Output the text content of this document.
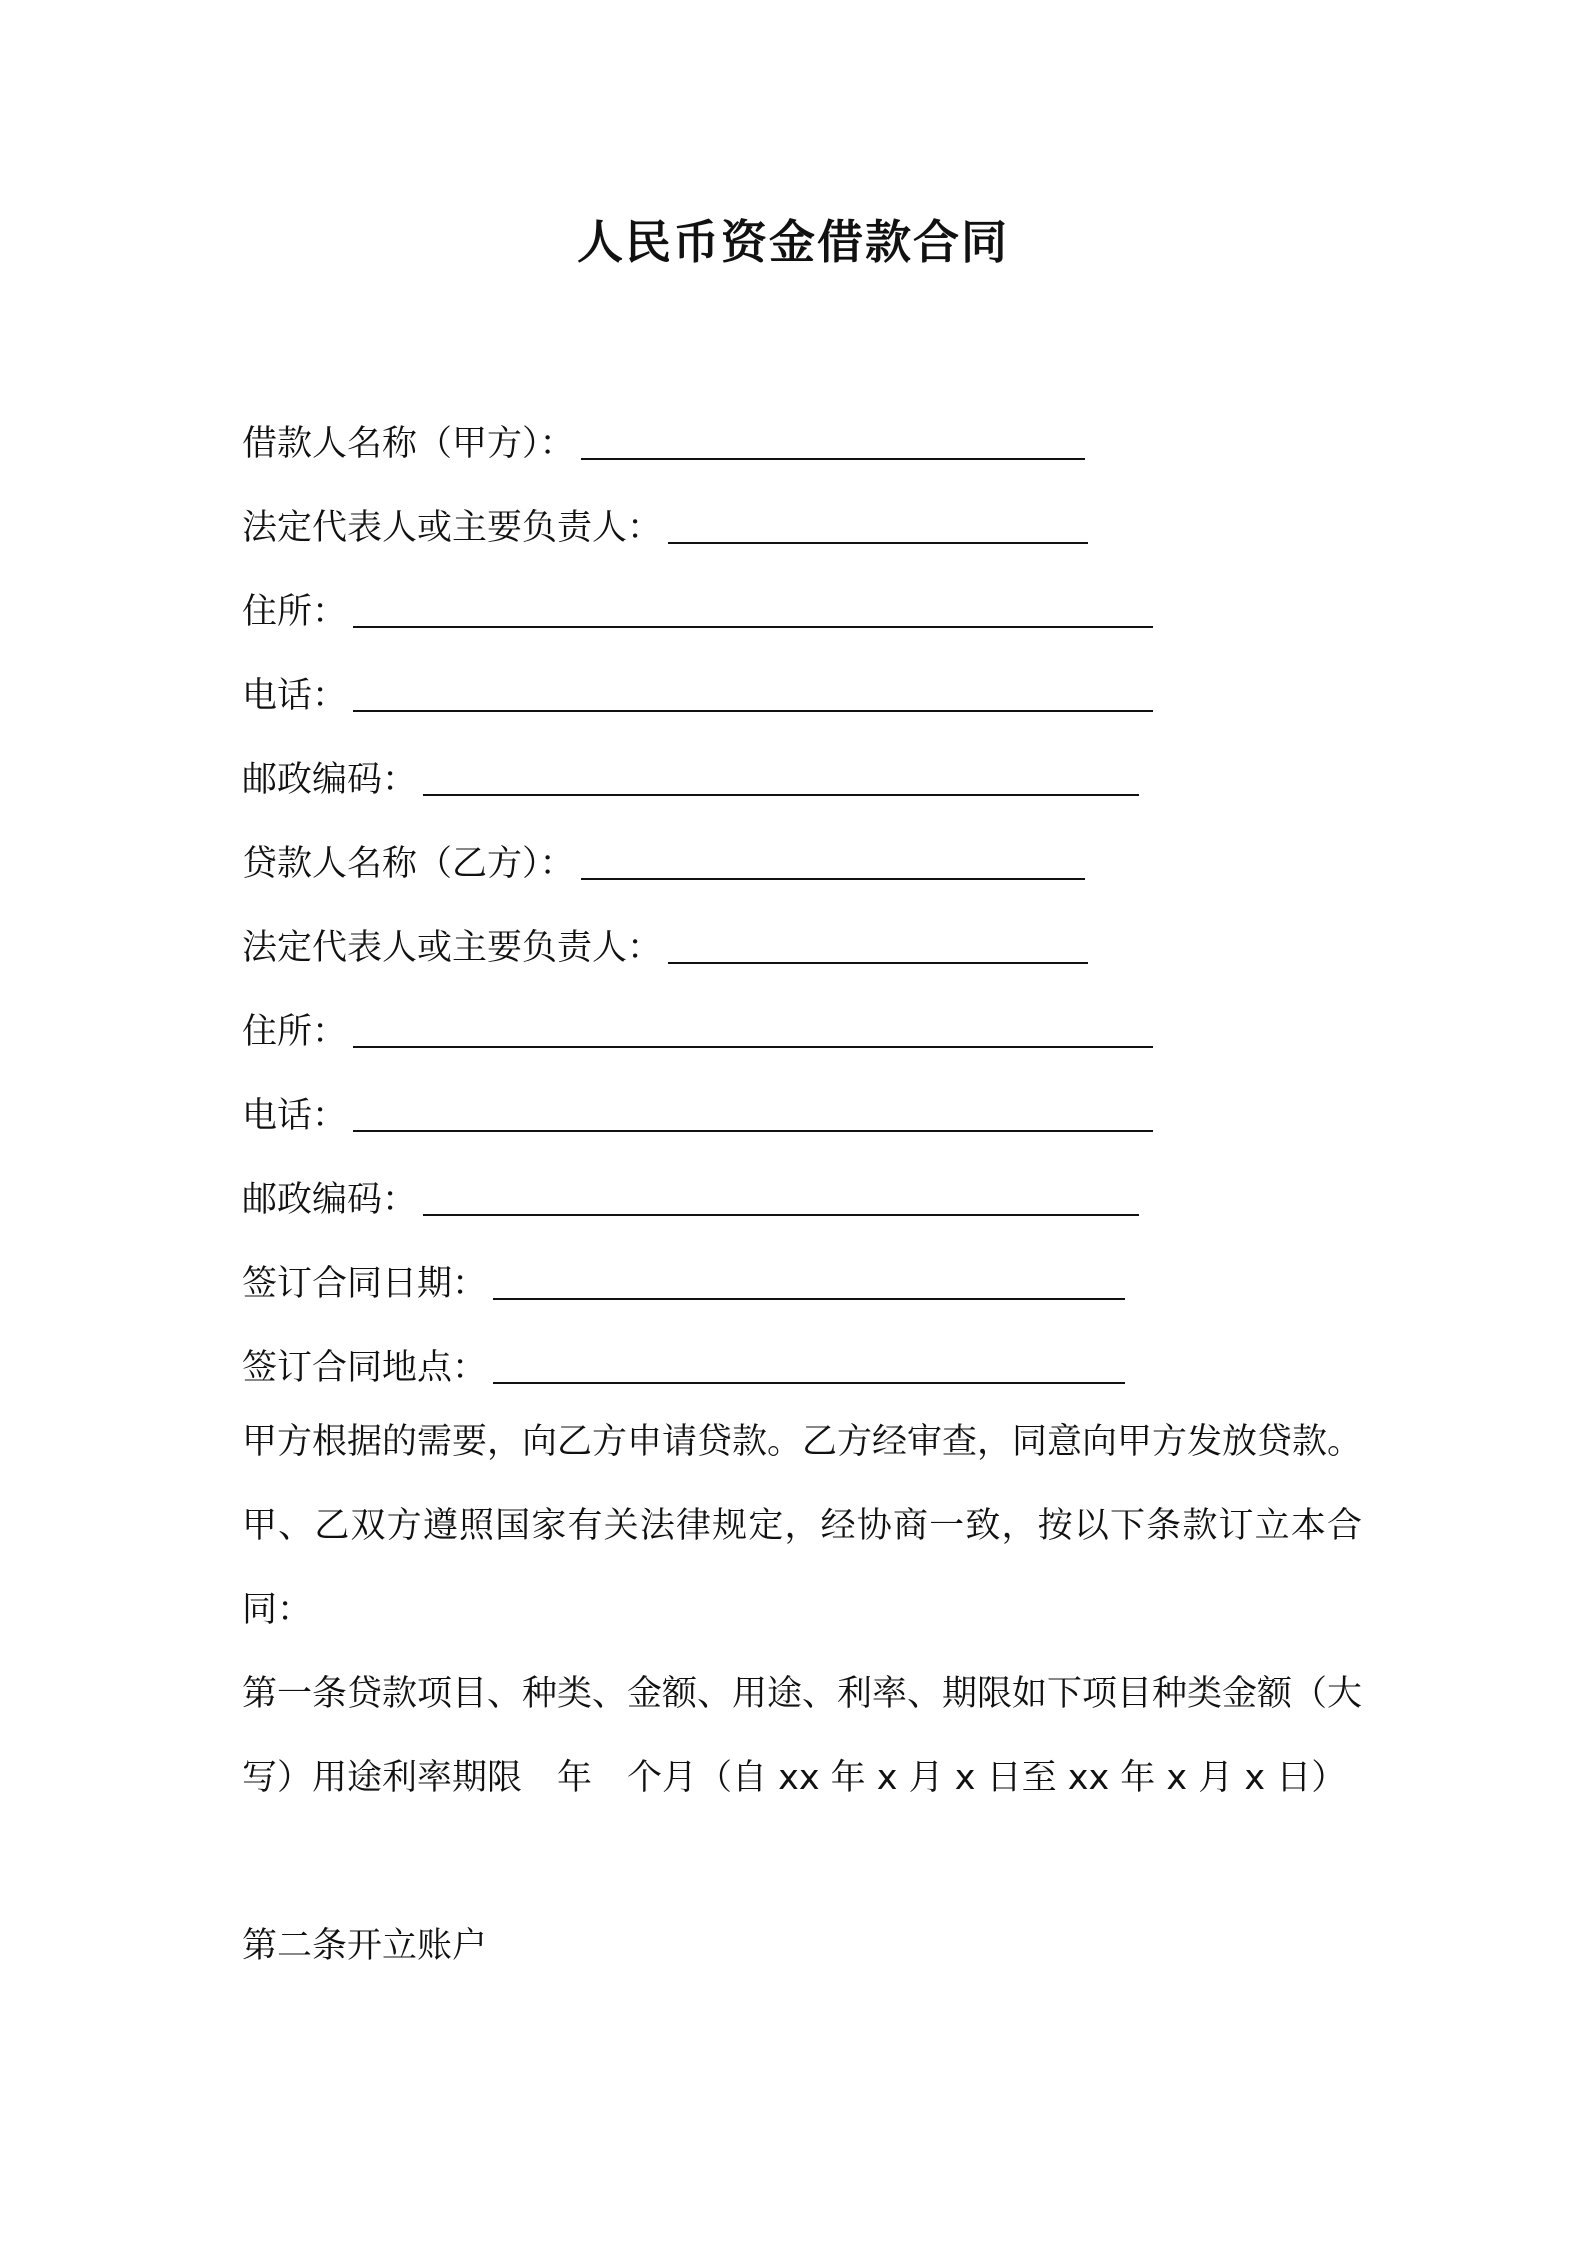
人民币资金借款合同
借款人名称（甲方）：
法定代表人或主要负责人：
住所：
电话：
邮政编码：
贷款人名称（乙方）：
法定代表人或主要负责人：
住所：
电话：
邮政编码：
签订合同日期：
签订合同地点：
甲方根据的需要，向乙方申请贷款。乙方经审查，同意向甲方发放贷款。甲、乙双方遵照国家有关法律规定，经协商一致，按以下条款订立本合同：
第一条贷款项目、种类、金额、用途、利率、期限如下项目种类金额（大写）用途利率期限　年　个月（自 xx 年 x 月 x 日至 xx 年 x 月 x 日）
第二条开立账户
